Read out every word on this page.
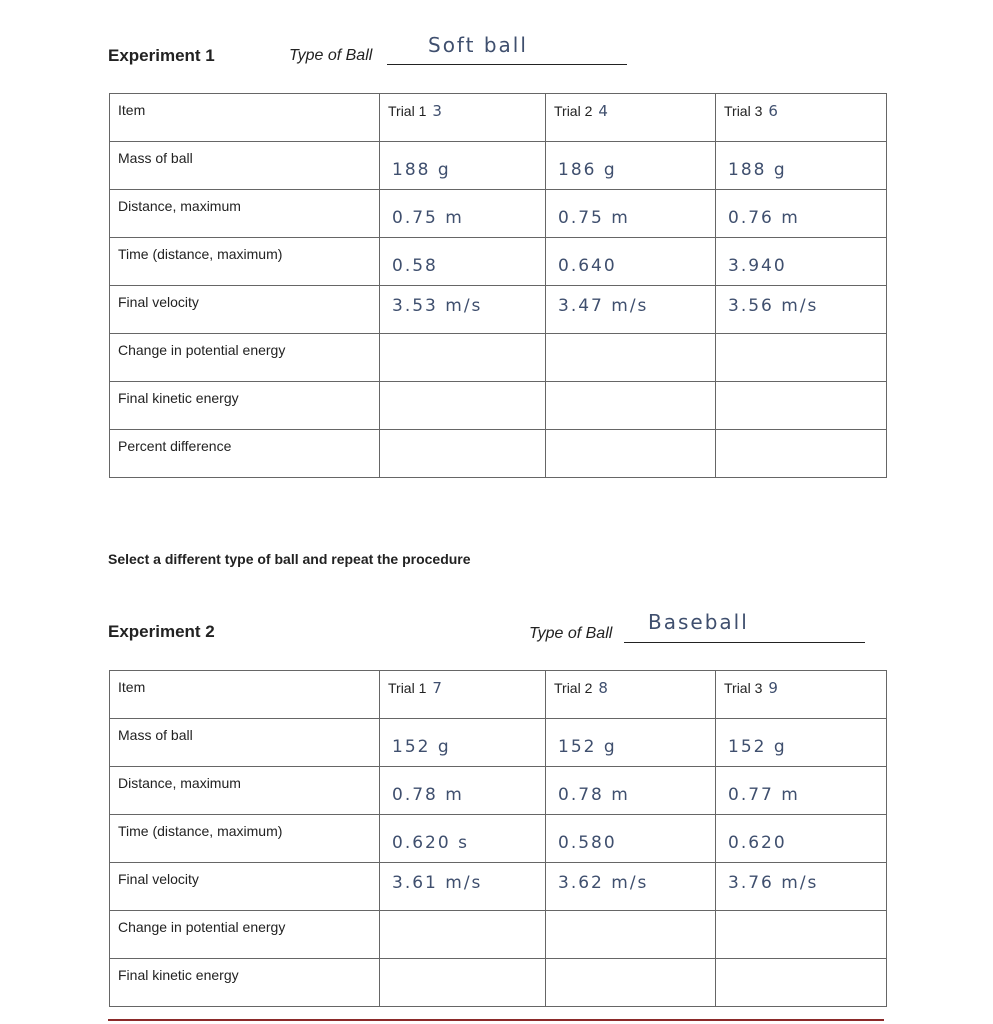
Experiment 1	Type of Ball	Soft ball
Item	Trial 1 3	Trial 2 4	Trial 3 6

Mass of ball	188 g	186 g	188 g

Distance, maximum	0.75 m	0.75 m	0.76 m

Time (distance, maximum)	0.58	0.640	3.940

Final velocity	3.53 m/s	3.47 m/s	3.56 m/s

Change in potential energy			

Final kinetic energy			

Percent difference			

Select a different type of ball and repeat the procedure
Experiment 2	Type of Ball Baseball
Item	Trial 1 7	Trial 2 8	Trial 3 9

Mass of ball	152 g	152 g	152 g

Distance, maximum	0.78 m	0.78 m	0.77 m

Time (distance, maximum)	0.620 s	0.580	0.620

Final velocity	3.61 m/s	3.62 m/s	3.76 m/s

Change in potential energy			

Final kinetic energy			
